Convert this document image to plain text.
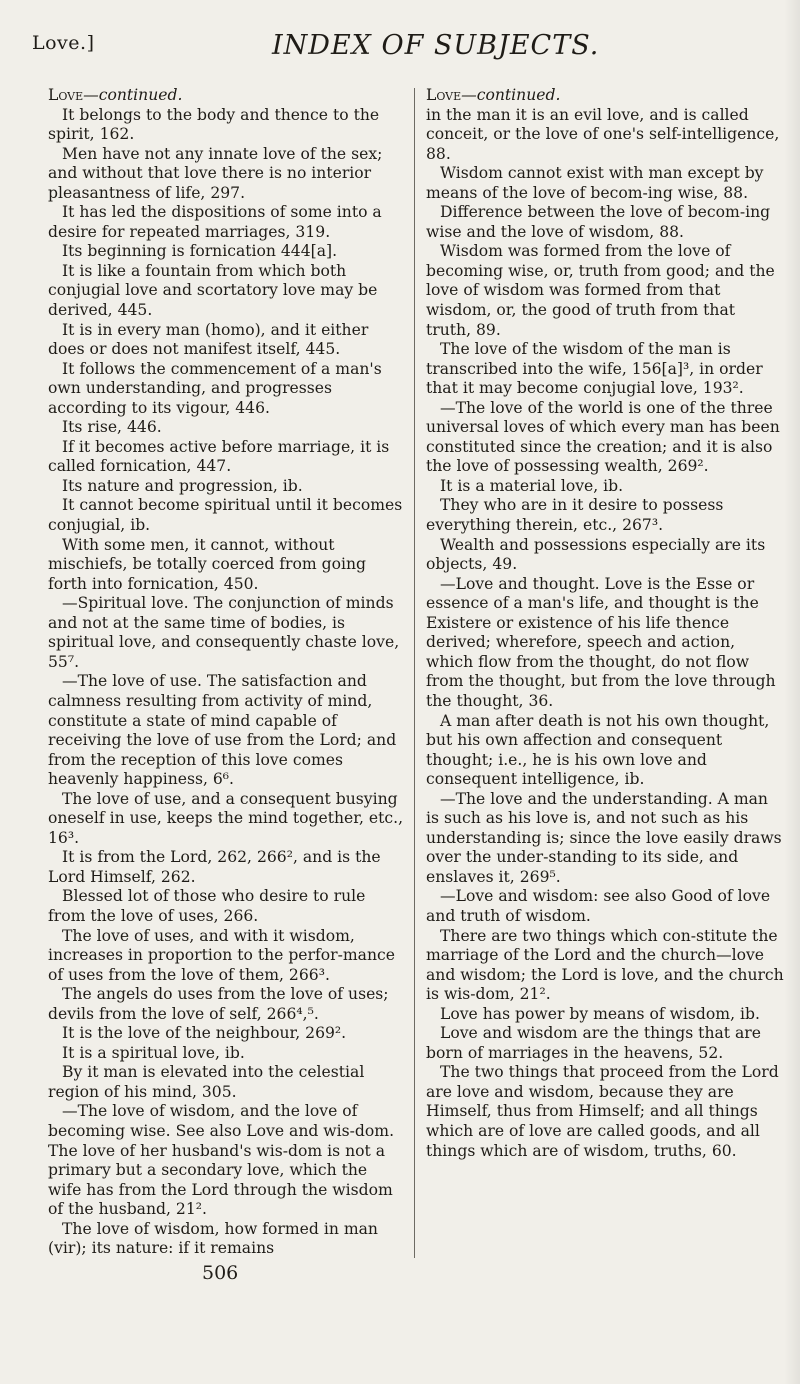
Love.]	INDEX OF SUBJECTS.

Love—continued.

It belongs to the body and thence to the spirit, 162.

Men have not any innate love of the sex; and without that love there is no interior pleasantness of life, 297.

It has led the dispositions of some into a desire for repeated marriages, 319.

Its beginning is fornication 444[a].

It is like a fountain from which both conjugial love and scortatory love may be derived, 445.

It is in every man (homo), and it either does or does not manifest itself, 445.

It follows the commencement of a man's own understanding, and progresses according to its vigour, 446.

Its rise, 446.

If it becomes active before marriage, it is called fornication, 447.

Its nature and progression, ib.

It cannot become spiritual until it becomes conjugial, ib.

With some men, it cannot, without mischiefs, be totally coerced from going forth into fornication, 450.

—Spiritual love. The conjunction of minds and not at the same time of bodies, is spiritual love, and consequently chaste love, 55⁷.

—The love of use. The satisfaction and calmness resulting from activity of mind, constitute a state of mind capable of receiving the love of use from the Lord; and from the reception of this love comes heavenly happiness, 6⁶.

The love of use, and a consequent busying oneself in use, keeps the mind together, etc., 16³.

It is from the Lord, 262, 266², and is the Lord Himself, 262.

Blessed lot of those who desire to rule from the love of uses, 266.

The love of uses, and with it wisdom, increases in proportion to the perfor-mance of uses from the love of them, 266³.

The angels do uses from the love of uses; devils from the love of self, 266⁴,⁵.

It is the love of the neighbour, 269².

It is a spiritual love, ib.

By it man is elevated into the celestial region of his mind, 305.

—The love of wisdom, and the love of becoming wise. See also Love and wis-dom. The love of her husband's wis-dom is not a primary but a secondary love, which the wife has from the Lord through the wisdom of the husband, 21².

The love of wisdom, how formed in man (vir); its nature: if it remains

Love—continued.

in the man it is an evil love, and is called conceit, or the love of one's self-intelligence, 88.

Wisdom cannot exist with man except by means of the love of becom-ing wise, 88.

Difference between the love of becom-ing wise and the love of wisdom, 88.

Wisdom was formed from the love of becoming wise, or, truth from good; and the love of wisdom was formed from that wisdom, or, the good of truth from that truth, 89.

The love of the wisdom of the man is transcribed into the wife, 156[a]³, in order that it may become conjugial love, 193².

—The love of the world is one of the three universal loves of which every man has been constituted since the creation; and it is also the love of possessing wealth, 269².

It is a material love, ib.

They who are in it desire to possess everything therein, etc., 267³.

Wealth and possessions especially are its objects, 49.

—Love and thought. Love is the Esse or essence of a man's life, and thought is the Existere or existence of his life thence derived; wherefore, speech and action, which flow from the thought, do not flow from the thought, but from the love through the thought, 36.

A man after death is not his own thought, but his own affection and consequent thought; i.e., he is his own love and consequent intelligence, ib.

—The love and the understanding. A man is such as his love is, and not such as his understanding is; since the love easily draws over the under-standing to its side, and enslaves it, 269⁵.

—Love and wisdom: see also Good of love and truth of wisdom.

There are two things which con-stitute the marriage of the Lord and the church—love and wisdom; the Lord is love, and the church is wis-dom, 21².

Love has power by means of wisdom, ib.

Love and wisdom are the things that are born of marriages in the heavens, 52.

The two things that proceed from the Lord are love and wisdom, because they are Himself, thus from Himself; and all things which are of love are called goods, and all things which are of wisdom, truths, 60.

506
